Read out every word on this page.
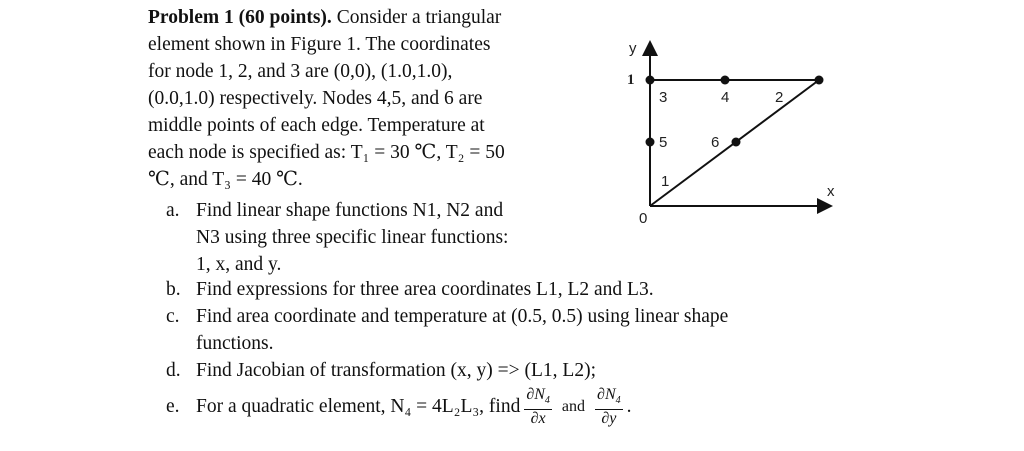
Problem 1 (60 points). Consider a triangular
element shown in Figure 1. The coordinates
for node 1, 2, and 3 are (0,0), (1.0,1.0),
(0.0,1.0) respectively. Nodes 4,5, and 6 are
middle points of each edge. Temperature at
each node is specified as: T₁ = 30 ℃, T₂ = 50
℃, and T₃ = 40 ℃.
a. Find linear shape functions N1, N2 and
N3 using three specific linear functions:
1, x, and y.
b. Find expressions for three area coordinates L1, L2 and L3.
c. Find area coordinate and temperature at (0.5, 0.5) using linear shape
functions.
d. Find Jacobian of transformation (x, y) => (L1, L2);
e. For a quadratic element, N₄ = 4L₂L₃, find $\frac{\partial N_4}{\partial x}$ and $\frac{\partial N_4}{\partial y}$ .
y
x
0
1
1
2
3	4
5	6
